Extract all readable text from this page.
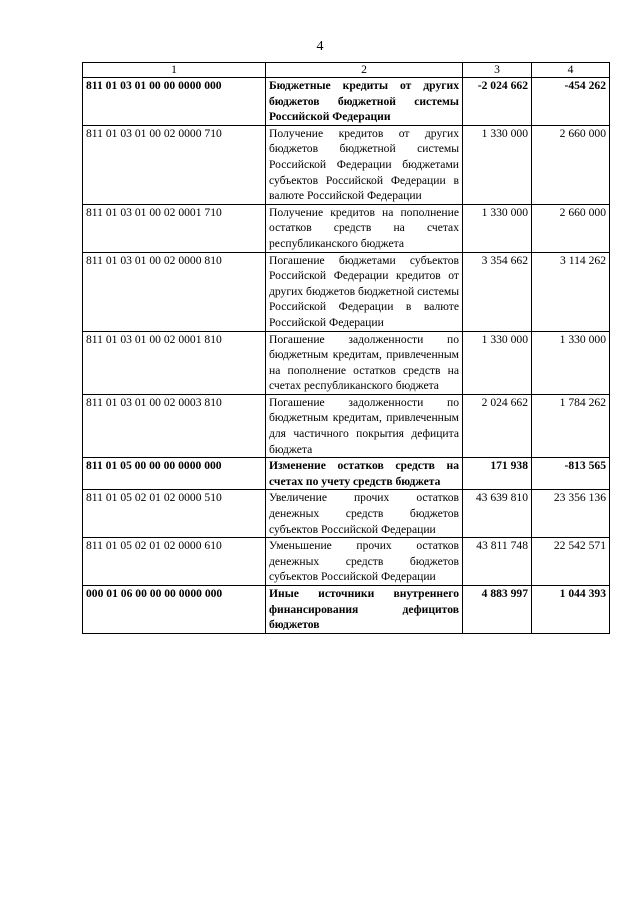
4
1	2	3	4
811 01 03 01 00 00 0000 000	Бюджетные кредиты от других бюджетов бюджетной системы Российской Федерации	-2 024 662	-454 262
811 01 03 01 00 02 0000 710	Получение кредитов от других бюджетов бюджетной системы Российской Федерации бюджетами субъектов Российской Федерации в валюте Российской Федерации	1 330 000	2 660 000
811 01 03 01 00 02 0001 710	Получение кредитов на пополнение остатков средств на счетах республиканского бюджета	1 330 000	2 660 000
811 01 03 01 00 02 0000 810	Погашение бюджетами субъектов Российской Федерации кредитов от других бюджетов бюджетной системы Российской Федерации в валюте Российской Федерации	3 354 662	3 114 262
811 01 03 01 00 02 0001 810	Погашение задолженности по бюджетным кредитам, привлеченным на пополнение остатков средств на счетах республиканского бюджета	1 330 000	1 330 000
811 01 03 01 00 02 0003 810	Погашение задолженности по бюджетным кредитам, привлеченным для частичного покрытия дефицита бюджета	2 024 662	1 784 262
811 01 05 00 00 00 0000 000	Изменение остатков средств на счетах по учету средств бюджета	171 938	-813 565
811 01 05 02 01 02 0000 510	Увеличение прочих остатков денежных средств бюджетов субъектов Российской Федерации	43 639 810	23 356 136
811 01 05 02 01 02 0000 610	Уменьшение прочих остатков денежных средств бюджетов субъектов Российской Федерации	43 811 748	22 542 571
000 01 06 00 00 00 0000 000	Иные источники внутреннего финансирования дефицитов бюджетов	4 883 997	1 044 393
